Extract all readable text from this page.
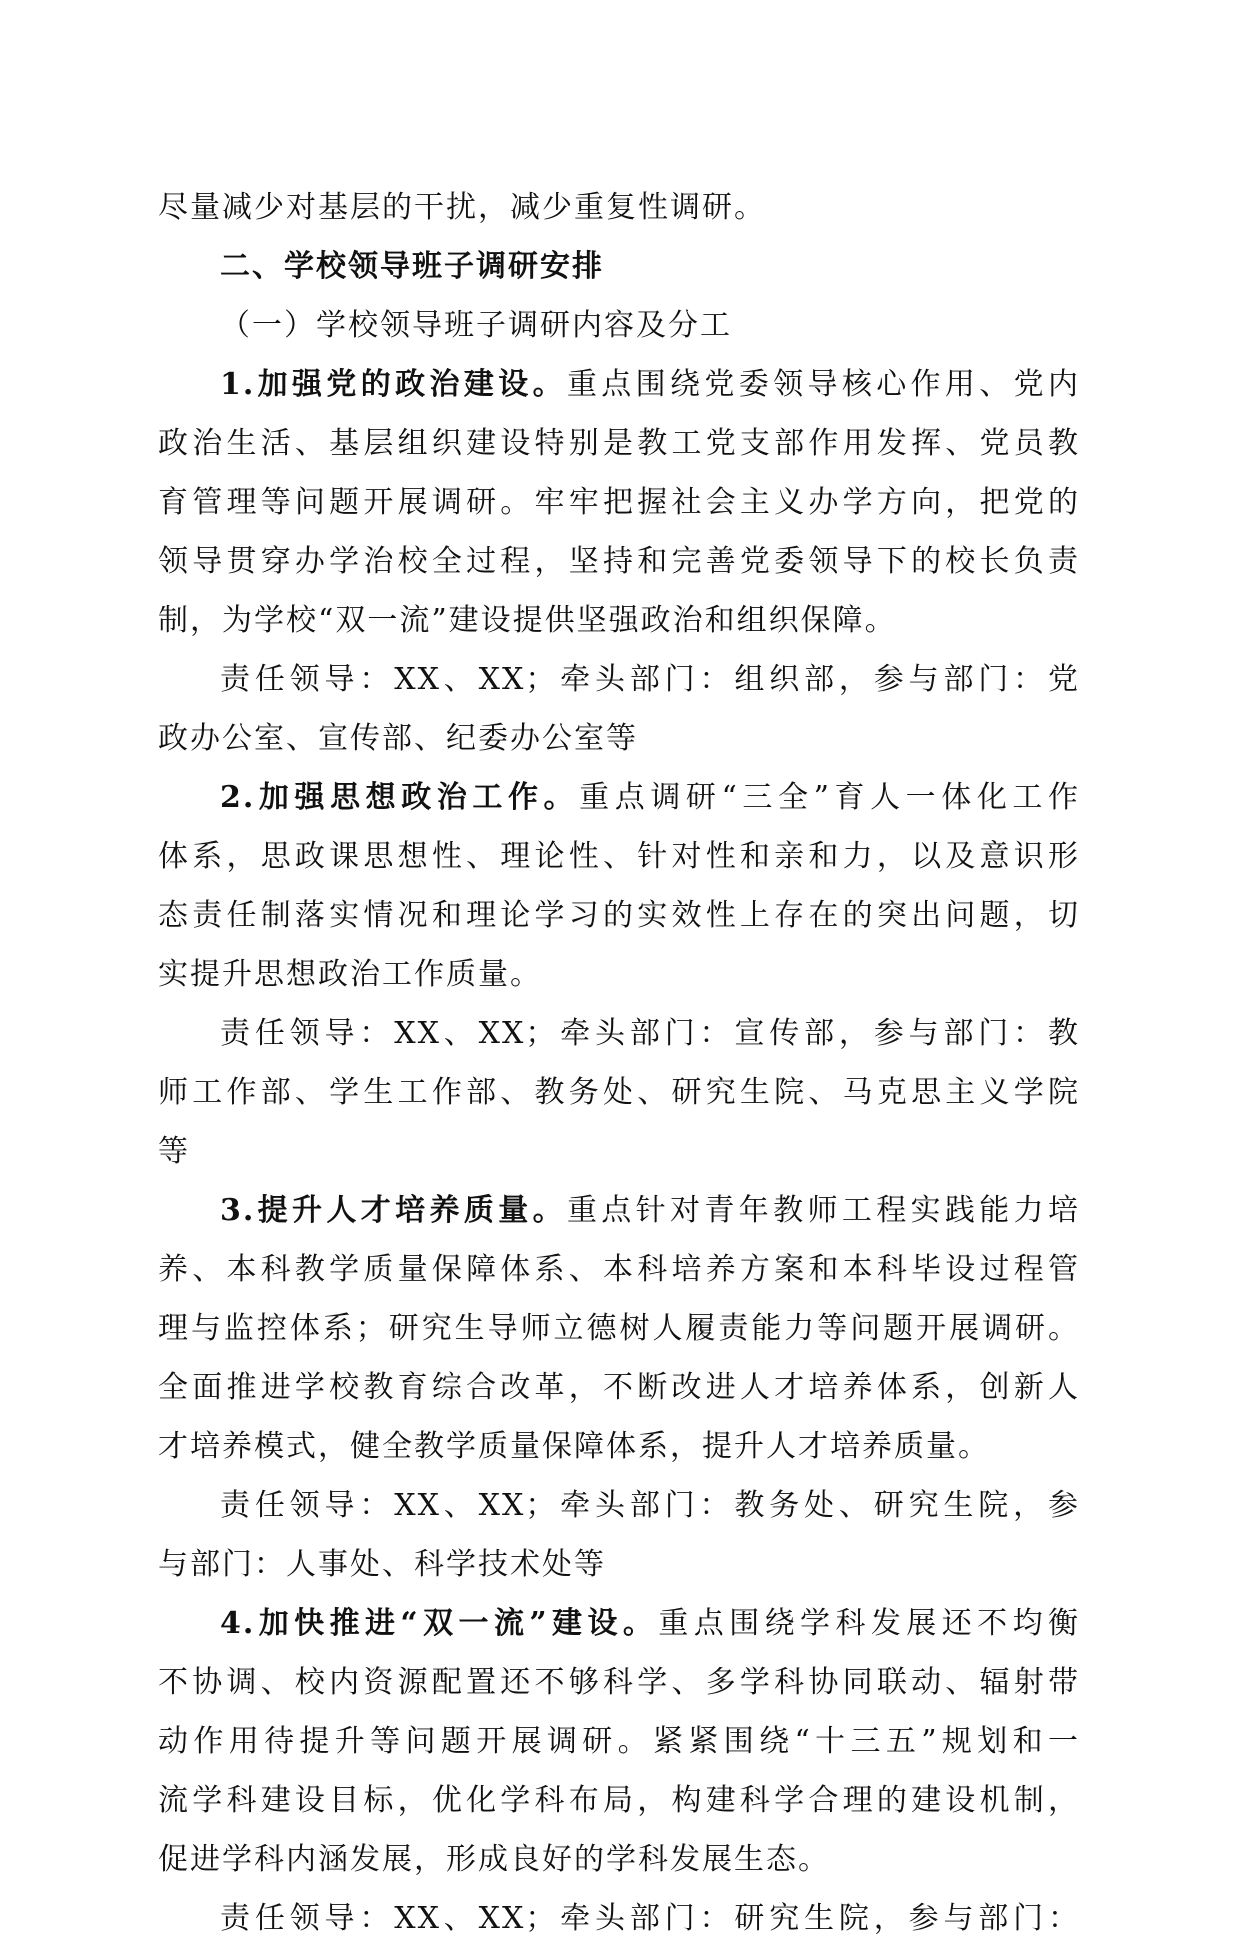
尽量减少对基层的干扰，减少重复性调研。
二、学校领导班子调研安排
（一）学校领导班子调研内容及分工
1.加强党的政治建设。重点围绕党委领导核心作用、党内
政治生活、基层组织建设特别是教工党支部作用发挥、党员教
育管理等问题开展调研。牢牢把握社会主义办学方向，把党的
领导贯穿办学治校全过程，坚持和完善党委领导下的校长负责
制，为学校“双一流”建设提供坚强政治和组织保障。
责任领导：XX、XX；牵头部门：组织部，参与部门：党
政办公室、宣传部、纪委办公室等
2.加强思想政治工作。重点调研“三全”育人一体化工作
体系，思政课思想性、理论性、针对性和亲和力，以及意识形
态责任制落实情况和理论学习的实效性上存在的突出问题，切
实提升思想政治工作质量。
责任领导：XX、XX；牵头部门：宣传部，参与部门：教
师工作部、学生工作部、教务处、研究生院、马克思主义学院
等
3.提升人才培养质量。重点针对青年教师工程实践能力培
养、本科教学质量保障体系、本科培养方案和本科毕设过程管
理与监控体系；研究生导师立德树人履责能力等问题开展调研。
全面推进学校教育综合改革，不断改进人才培养体系，创新人
才培养模式，健全教学质量保障体系，提升人才培养质量。
责任领导：XX、XX；牵头部门：教务处、研究生院，参
与部门：人事处、科学技术处等
4.加快推进“双一流”建设。重点围绕学科发展还不均衡
不协调、校内资源配置还不够科学、多学科协同联动、辐射带
动作用待提升等问题开展调研。紧紧围绕“十三五”规划和一
流学科建设目标，优化学科布局，构建科学合理的建设机制，
促进学科内涵发展，形成良好的学科发展生态。
责任领导：XX、XX；牵头部门：研究生院，参与部门：
